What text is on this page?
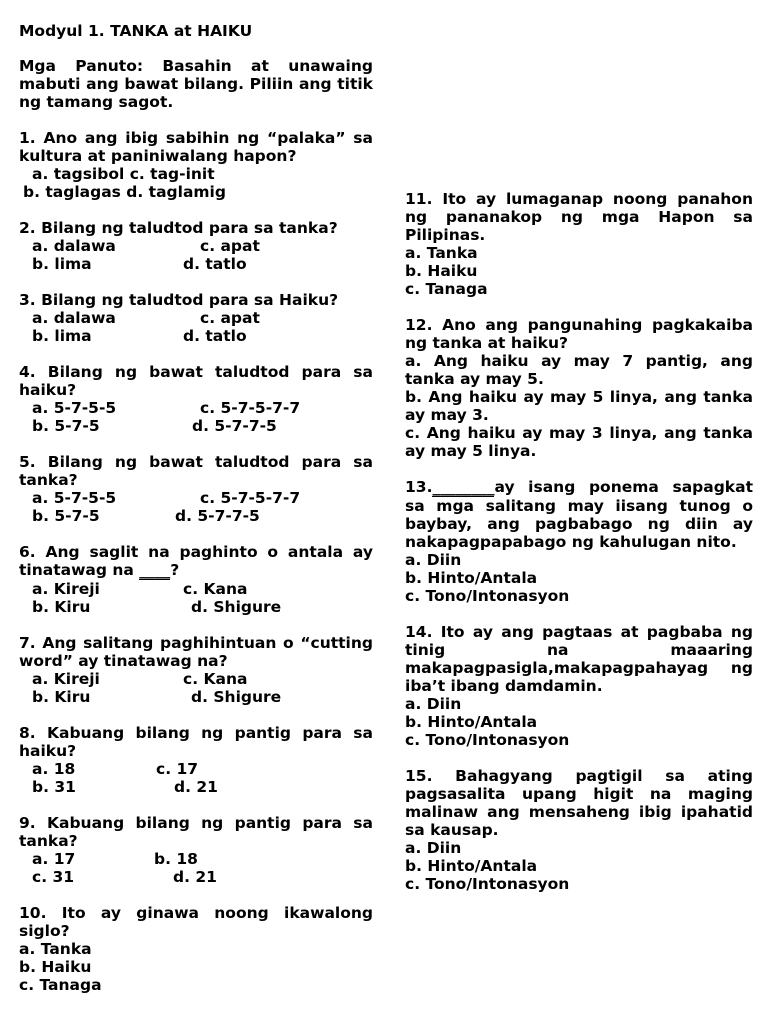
Modyul 1. TANKA at HAIKU
Mga Panuto: Basahin at unawaing mabuti ang bawat bilang. Piliin ang titik ng tamang sagot.
1. Ano ang ibig sabihin ng “palaka” sa kultura at paniniwalang hapon?
a. tagsibol c. tag-init
b. taglagas d. taglamig
2. Bilang ng taludtod para sa tanka?
a. dalawa	c. apat
b. lima	d. tatlo
3. Bilang ng taludtod para sa Haiku?
a. dalawa	c. apat
b. lima	d. tatlo
4. Bilang ng bawat taludtod para sa haiku?
a. 5-7-5-5	c. 5-7-5-7-7
b. 5-7-5	d. 5-7-7-5
5. Bilang ng bawat taludtod para sa tanka?
a. 5-7-5-5	c. 5-7-5-7-7
b. 5-7-5	d. 5-7-7-5
6. Ang saglit na paghinto o antala ay tinatawag na ____?
a. Kireji	c. Kana
b. Kiru	d. Shigure
7. Ang salitang paghihintuan o “cutting word” ay tinatawag na?
a. Kireji	c. Kana
b. Kiru	d. Shigure
8. Kabuang bilang ng pantig para sa haiku?
a. 18	c. 17
b. 31	d. 21
9. Kabuang bilang ng pantig para sa tanka?
a. 17	b. 18
c. 31	d. 21
10. Ito ay ginawa noong ikawalong siglo?
a. Tanka
b. Haiku
c. Tanaga
11. Ito ay lumaganap noong panahon ng pananakop ng mga Hapon sa Pilipinas.
a. Tanka
b. Haiku
c. Tanaga
12. Ano ang pangunahing pagkakaiba ng tanka at haiku?
a. Ang haiku ay may 7 pantig, ang tanka ay may 5.
b. Ang haiku ay may 5 linya, ang tanka ay may 3.
c. Ang haiku ay may 3 linya, ang tanka ay may 5 linya.
13.________ay isang ponema sapagkat sa mga salitang may iisang tunog o baybay, ang pagbabago ng diin ay nakapagpapabago ng kahulugan nito.
a. Diin
b. Hinto/Antala
c. Tono/Intonasyon
14. Ito ay ang pagtaas at pagbaba ng tinig na maaaring makapagpasigla,makapagpahayag ng iba’t ibang damdamin.
a. Diin
b. Hinto/Antala
c. Tono/Intonasyon
15. Bahagyang pagtigil sa ating pagsasalita upang higit na maging malinaw ang mensaheng ibig ipahatid sa kausap.
a. Diin
b. Hinto/Antala
c. Tono/Intonasyon
